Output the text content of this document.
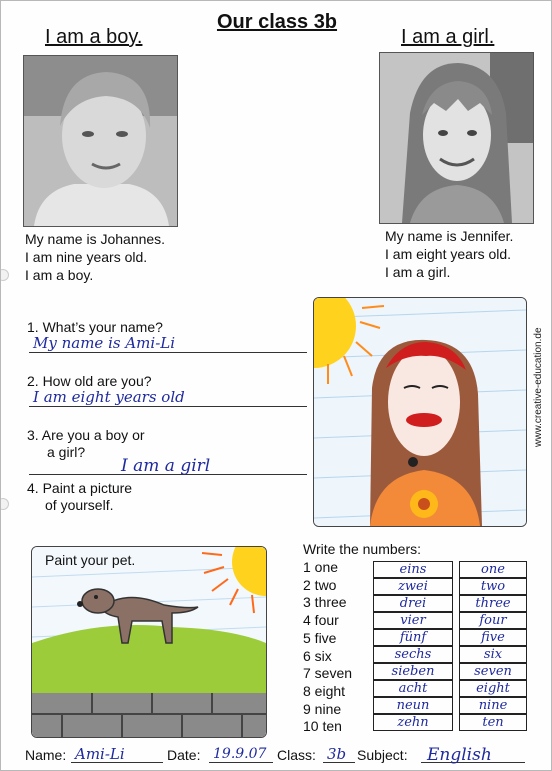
Our class 3b
I am a boy.
My name is Johannes.
I am nine years old.
I am a boy.
I am a girl.
My name is Jennifer.
I am eight years old.
I am a girl.
1. What’s your name?
My name is Ami-Li
2. How old are you?
I am eight years old
3. Are you a boy or
a girl?
I am a girl
4. Paint a picture
of yourself.
www.creative-education.de
Paint your pet.
Write the numbers:
1 one
2 two
3 three
4 four
5 five
6 six
7 seven
8 eight
9 nine
10 ten
eins
zwei
drei
vier
fünf
sechs
sieben
acht
neun
zehn
one
two
three
four
five
six
seven
eight
nine
ten
Name: Ami-Li	Date: 19.9.07 Class: 3b Subject:	English
